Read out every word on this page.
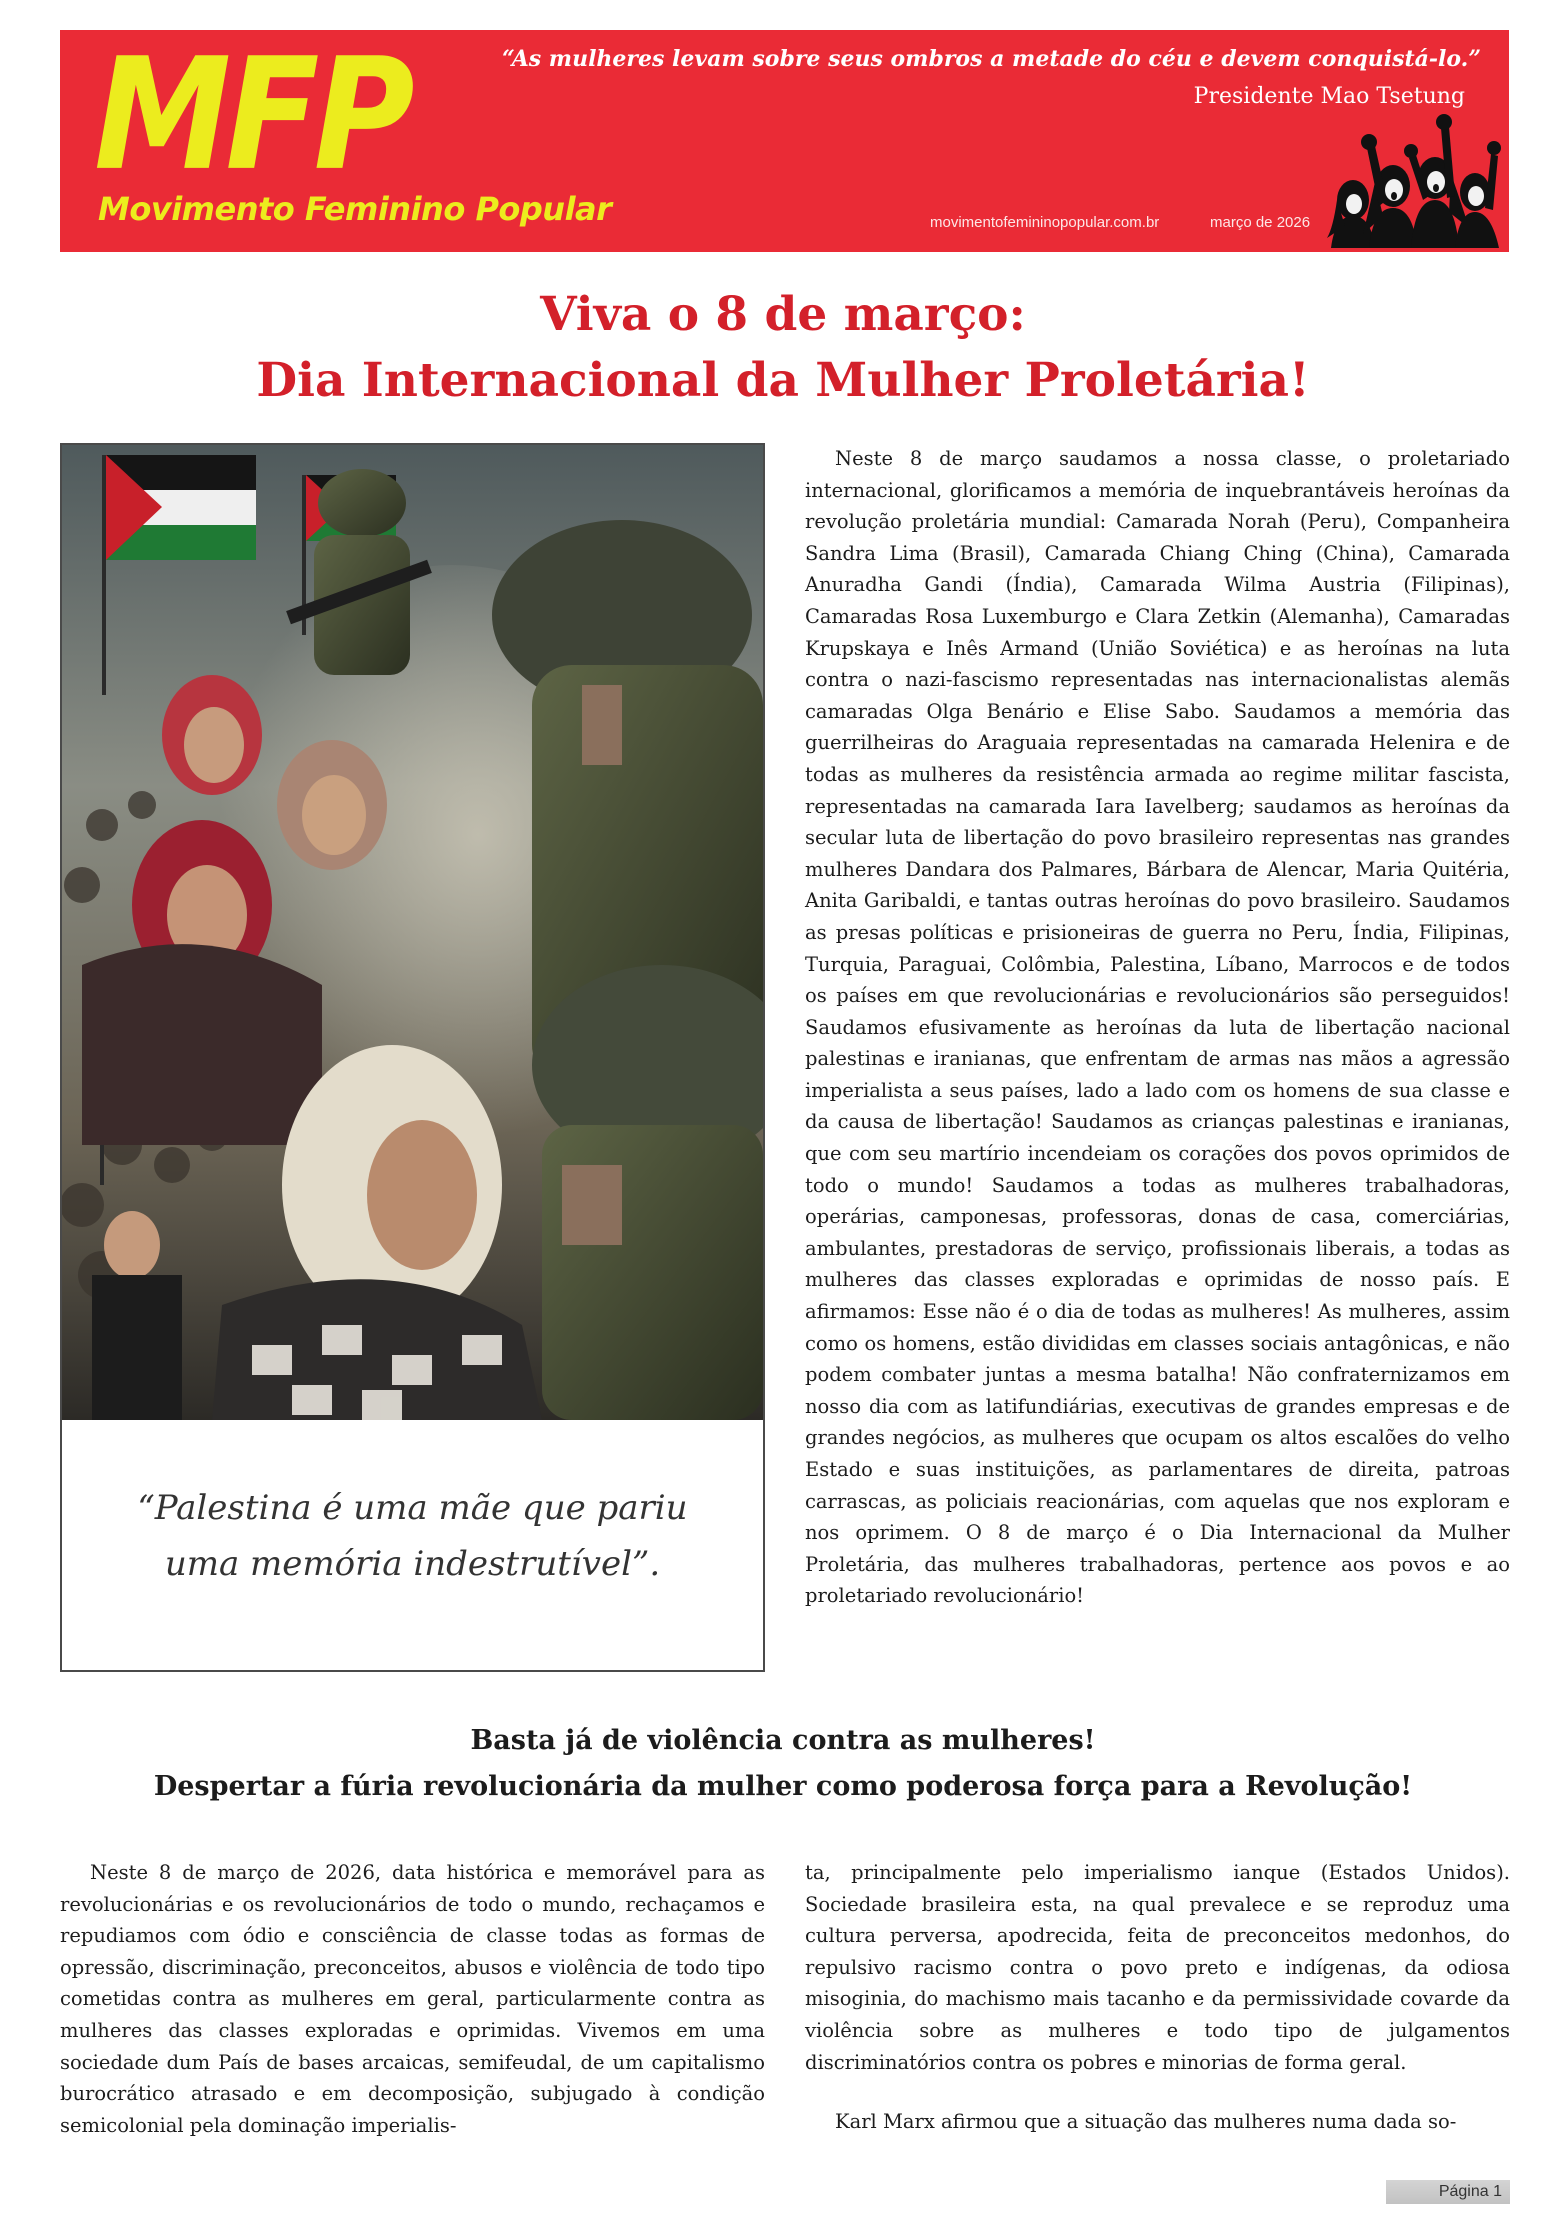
MFP
Movimento Feminino Popular
“As mulheres levam sobre seus ombros a metade do céu e devem conquistá-lo.”
Presidente Mao Tsetung
movimentofemininopopular.com.br	março de 2026
Viva o 8 de março:
Dia Internacional da Mulher Proletária!
“Palestina é uma mãe que pariu
uma memória indestrutível”.

Neste 8 de março saudamos a nossa classe, o proletariado internacional, glorificamos a memória de inquebrantáveis heroínas da revolução proletária mundial: Camarada Norah (Peru), Companheira Sandra Lima (Brasil), Camarada Chiang Ching (China), Camarada Anuradha Gandi (Índia), Camarada Wilma Austria (Filipinas), Camaradas Rosa Luxemburgo e Clara Zetkin (Alemanha), Camaradas Krupskaya e Inês Armand (União Soviética) e as heroínas na luta contra o nazi-fascismo representadas nas internacionalistas alemãs camaradas Olga Benário e Elise Sabo. Saudamos a memória das guerrilheiras do Araguaia representadas na camarada Helenira e de todas as mulheres da resistência armada ao regime militar fascista, representadas na camarada Iara Iavelberg; saudamos as heroínas da secular luta de libertação do povo brasileiro representas nas grandes mulheres Dandara dos Palmares, Bárbara de Alencar, Maria Quitéria, Anita Garibaldi, e tantas outras heroínas do povo brasileiro. Saudamos as presas políticas e prisioneiras de guerra no Peru, Índia, Filipinas, Turquia, Paraguai, Colômbia, Palestina, Líbano, Marrocos e de todos os países em que revolucionárias e revolucionários são perseguidos! Saudamos efusivamente as heroínas da luta de libertação nacional palestinas e iranianas, que enfrentam de armas nas mãos a agressão imperialista a seus países, lado a lado com os homens de sua classe e da causa de libertação! Saudamos as crianças palestinas e iranianas, que com seu martírio incendeiam os corações dos povos oprimidos de todo o mundo! Saudamos a todas as mulheres trabalhadoras, operárias, camponesas, professoras, donas de casa, comerciárias, ambulantes, prestadoras de serviço, profissionais liberais, a todas as mulheres das classes exploradas e oprimidas de nosso país. E afirmamos: Esse não é o dia de todas as mulheres! As mulheres, assim como os homens, estão divididas em classes sociais antagônicas, e não podem combater juntas a mesma batalha! Não confraternizamos em nosso dia com as latifundiárias, executivas de grandes empresas e de grandes negócios, as mulheres que ocupam os altos escalões do velho Estado e suas instituições, as parlamentares de direita, patroas carrascas, as policiais reacionárias, com aquelas que nos exploram e nos oprimem. O 8 de março é o Dia Internacional da Mulher Proletária, das mulheres trabalhadoras, pertence aos povos e ao proletariado revolucionário!

Basta já de violência contra as mulheres!
Despertar a fúria revolucionária da mulher como poderosa força para a Revolução!

Neste 8 de março de 2026, data histórica e memorável para as revolucionárias e os revolucionários de todo o mundo, rechaçamos e repudiamos com ódio e consciência de classe todas as formas de opressão, discriminação, preconceitos, abusos e violência de todo tipo cometidas contra as mulheres em geral, particularmente contra as mulheres das classes exploradas e oprimidas. Vivemos em uma sociedade dum País de bases arcaicas, semifeudal, de um capitalismo burocrático atrasado e em decomposição, subjugado à condição semicolonial pela dominação imperialis-

ta, principalmente pelo imperialismo ianque (Estados Unidos). Sociedade brasileira esta, na qual prevalece e se reproduz uma cultura perversa, apodrecida, feita de preconceitos medonhos, do repulsivo racismo contra o povo preto e indígenas, da odiosa misoginia, do machismo mais tacanho e da permissividade covarde da violência sobre as mulheres e todo tipo de julgamentos discriminatórios contra os pobres e minorias de forma geral.

Karl Marx afirmou que a situação das mulheres numa dada so-

Página 1
